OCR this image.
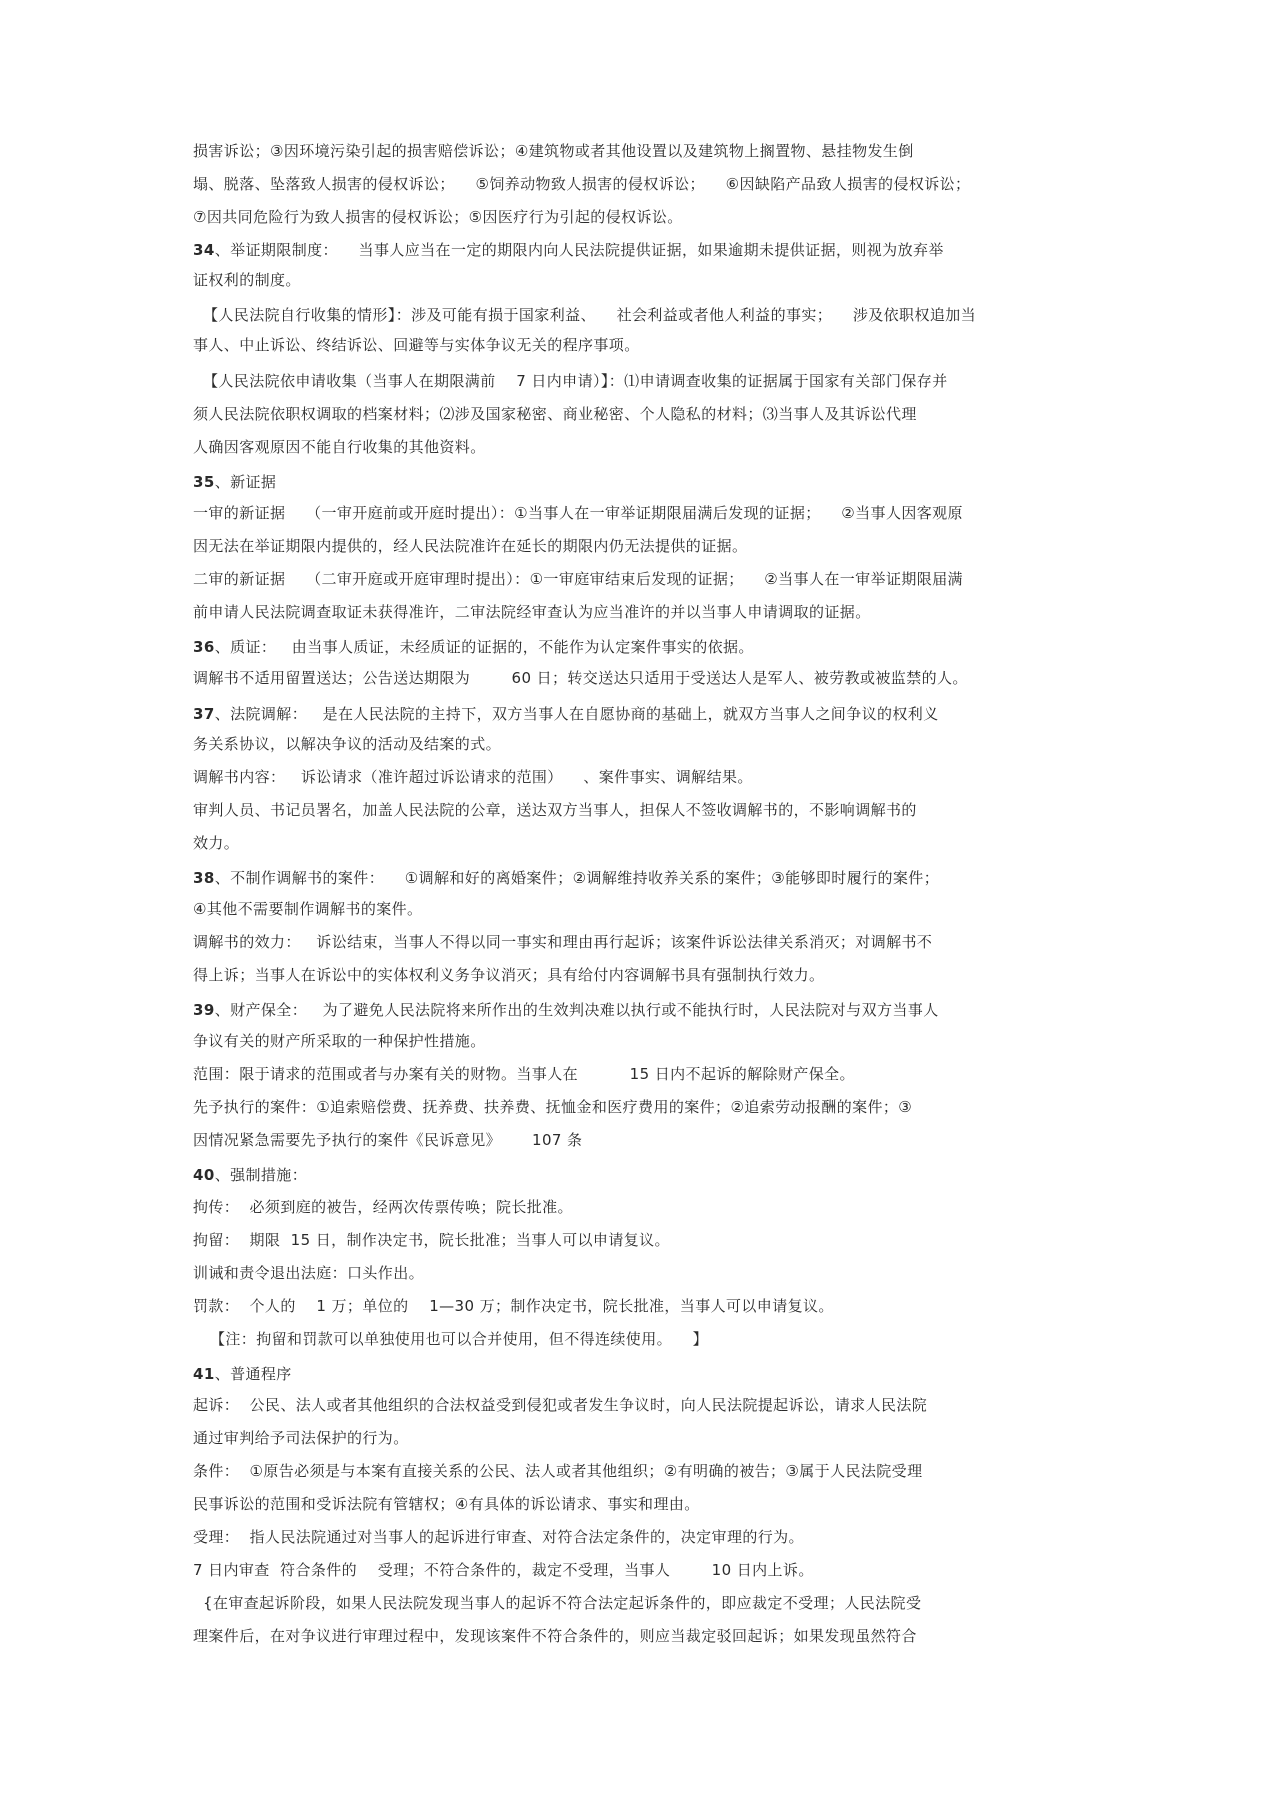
损害诉讼；③因环境污染引起的损害赔偿诉讼；④建筑物或者其他设置以及建筑物上搁置物、悬挂物发生倒
塌、脱落、坠落致人损害的侵权诉讼；    ⑤饲养动物致人损害的侵权诉讼；    ⑥因缺陷产品致人损害的侵权诉讼；
⑦因共同危险行为致人损害的侵权诉讼；⑤因医疗行为引起的侵权诉讼。
34、举证期限制度：    当事人应当在一定的期限内向人民法院提供证据，如果逾期未提供证据，则视为放弃举
证权利的制度。
【人民法院自行收集的情形】：涉及可能有损于国家利益、    社会利益或者他人利益的事实；    涉及依职权追加当
事人、中止诉讼、终结诉讼、回避等与实体争议无关的程序事项。
【人民法院依申请收集（当事人在期限满前    7 日内申请）】：⑴申请调查收集的证据属于国家有关部门保存并
须人民法院依职权调取的档案材料；⑵涉及国家秘密、商业秘密、个人隐私的材料；⑶当事人及其诉讼代理
人确因客观原因不能自行收集的其他资料。
35、新证据
一审的新证据    （一审开庭前或开庭时提出）：①当事人在一审举证期限届满后发现的证据；    ②当事人因客观原
因无法在举证期限内提供的，经人民法院准许在延长的期限内仍无法提供的证据。
二审的新证据    （二审开庭或开庭审理时提出）：①一审庭审结束后发现的证据；    ②当事人在一审举证期限届满
前申请人民法院调查取证未获得准许，二审法院经审查认为应当准许的并以当事人申请调取的证据。
36、质证：   由当事人质证，未经质证的证据的，不能作为认定案件事实的依据。
调解书不适用留置送达；公告送达期限为        60 日；转交送达只适用于受送达人是军人、被劳教或被监禁的人。
37、法院调解：   是在人民法院的主持下，双方当事人在自愿协商的基础上，就双方当事人之间争议的权利义
务关系协议，以解决争议的活动及结案的式。
调解书内容：   诉讼请求（准许超过诉讼请求的范围）    、案件事实、调解结果。
审判人员、书记员署名，加盖人民法院的公章，送达双方当事人，担保人不签收调解书的，不影响调解书的
效力。
38、不制作调解书的案件：    ①调解和好的离婚案件；②调解维持收养关系的案件；③能够即时履行的案件；
④其他不需要制作调解书的案件。
调解书的效力：   诉讼结束，当事人不得以同一事实和理由再行起诉；该案件诉讼法律关系消灭；对调解书不
得上诉；当事人在诉讼中的实体权利义务争议消灭；具有给付内容调解书具有强制执行效力。
39、财产保全：   为了避免人民法院将来所作出的生效判决难以执行或不能执行时，人民法院对与双方当事人
争议有关的财产所采取的一种保护性措施。
范围：限于请求的范围或者与办案有关的财物。当事人在          15 日内不起诉的解除财产保全。
先予执行的案件：①追索赔偿费、抚养费、扶养费、抚恤金和医疗费用的案件；②追索劳动报酬的案件；③
因情况紧急需要先予执行的案件《民诉意见》      107 条
40、强制措施：
拘传：  必须到庭的被告，经两次传票传唤；院长批准。
拘留：  期限  15 日，制作决定书，院长批准；当事人可以申请复议。
训诫和责令退出法庭：口头作出。
罚款：  个人的    1 万；单位的    1—30 万；制作决定书，院长批准，当事人可以申请复议。
【注：拘留和罚款可以单独使用也可以合并使用，但不得连续使用。    】
41、普通程序
起诉：  公民、法人或者其他组织的合法权益受到侵犯或者发生争议时，向人民法院提起诉讼，请求人民法院
通过审判给予司法保护的行为。
条件：  ①原告必须是与本案有直接关系的公民、法人或者其他组织；②有明确的被告；③属于人民法院受理
民事诉讼的范围和受诉法院有管辖权；④有具体的诉讼请求、事实和理由。
受理：  指人民法院通过对当事人的起诉进行审查、对符合法定条件的，决定审理的行为。
7 日内审查  符合条件的    受理；不符合条件的，裁定不受理，当事人        10 日内上诉。
{在审查起诉阶段，如果人民法院发现当事人的起诉不符合法定起诉条件的，即应裁定不受理；人民法院受
理案件后，在对争议进行审理过程中，发现该案件不符合条件的，则应当裁定驳回起诉；如果发现虽然符合
